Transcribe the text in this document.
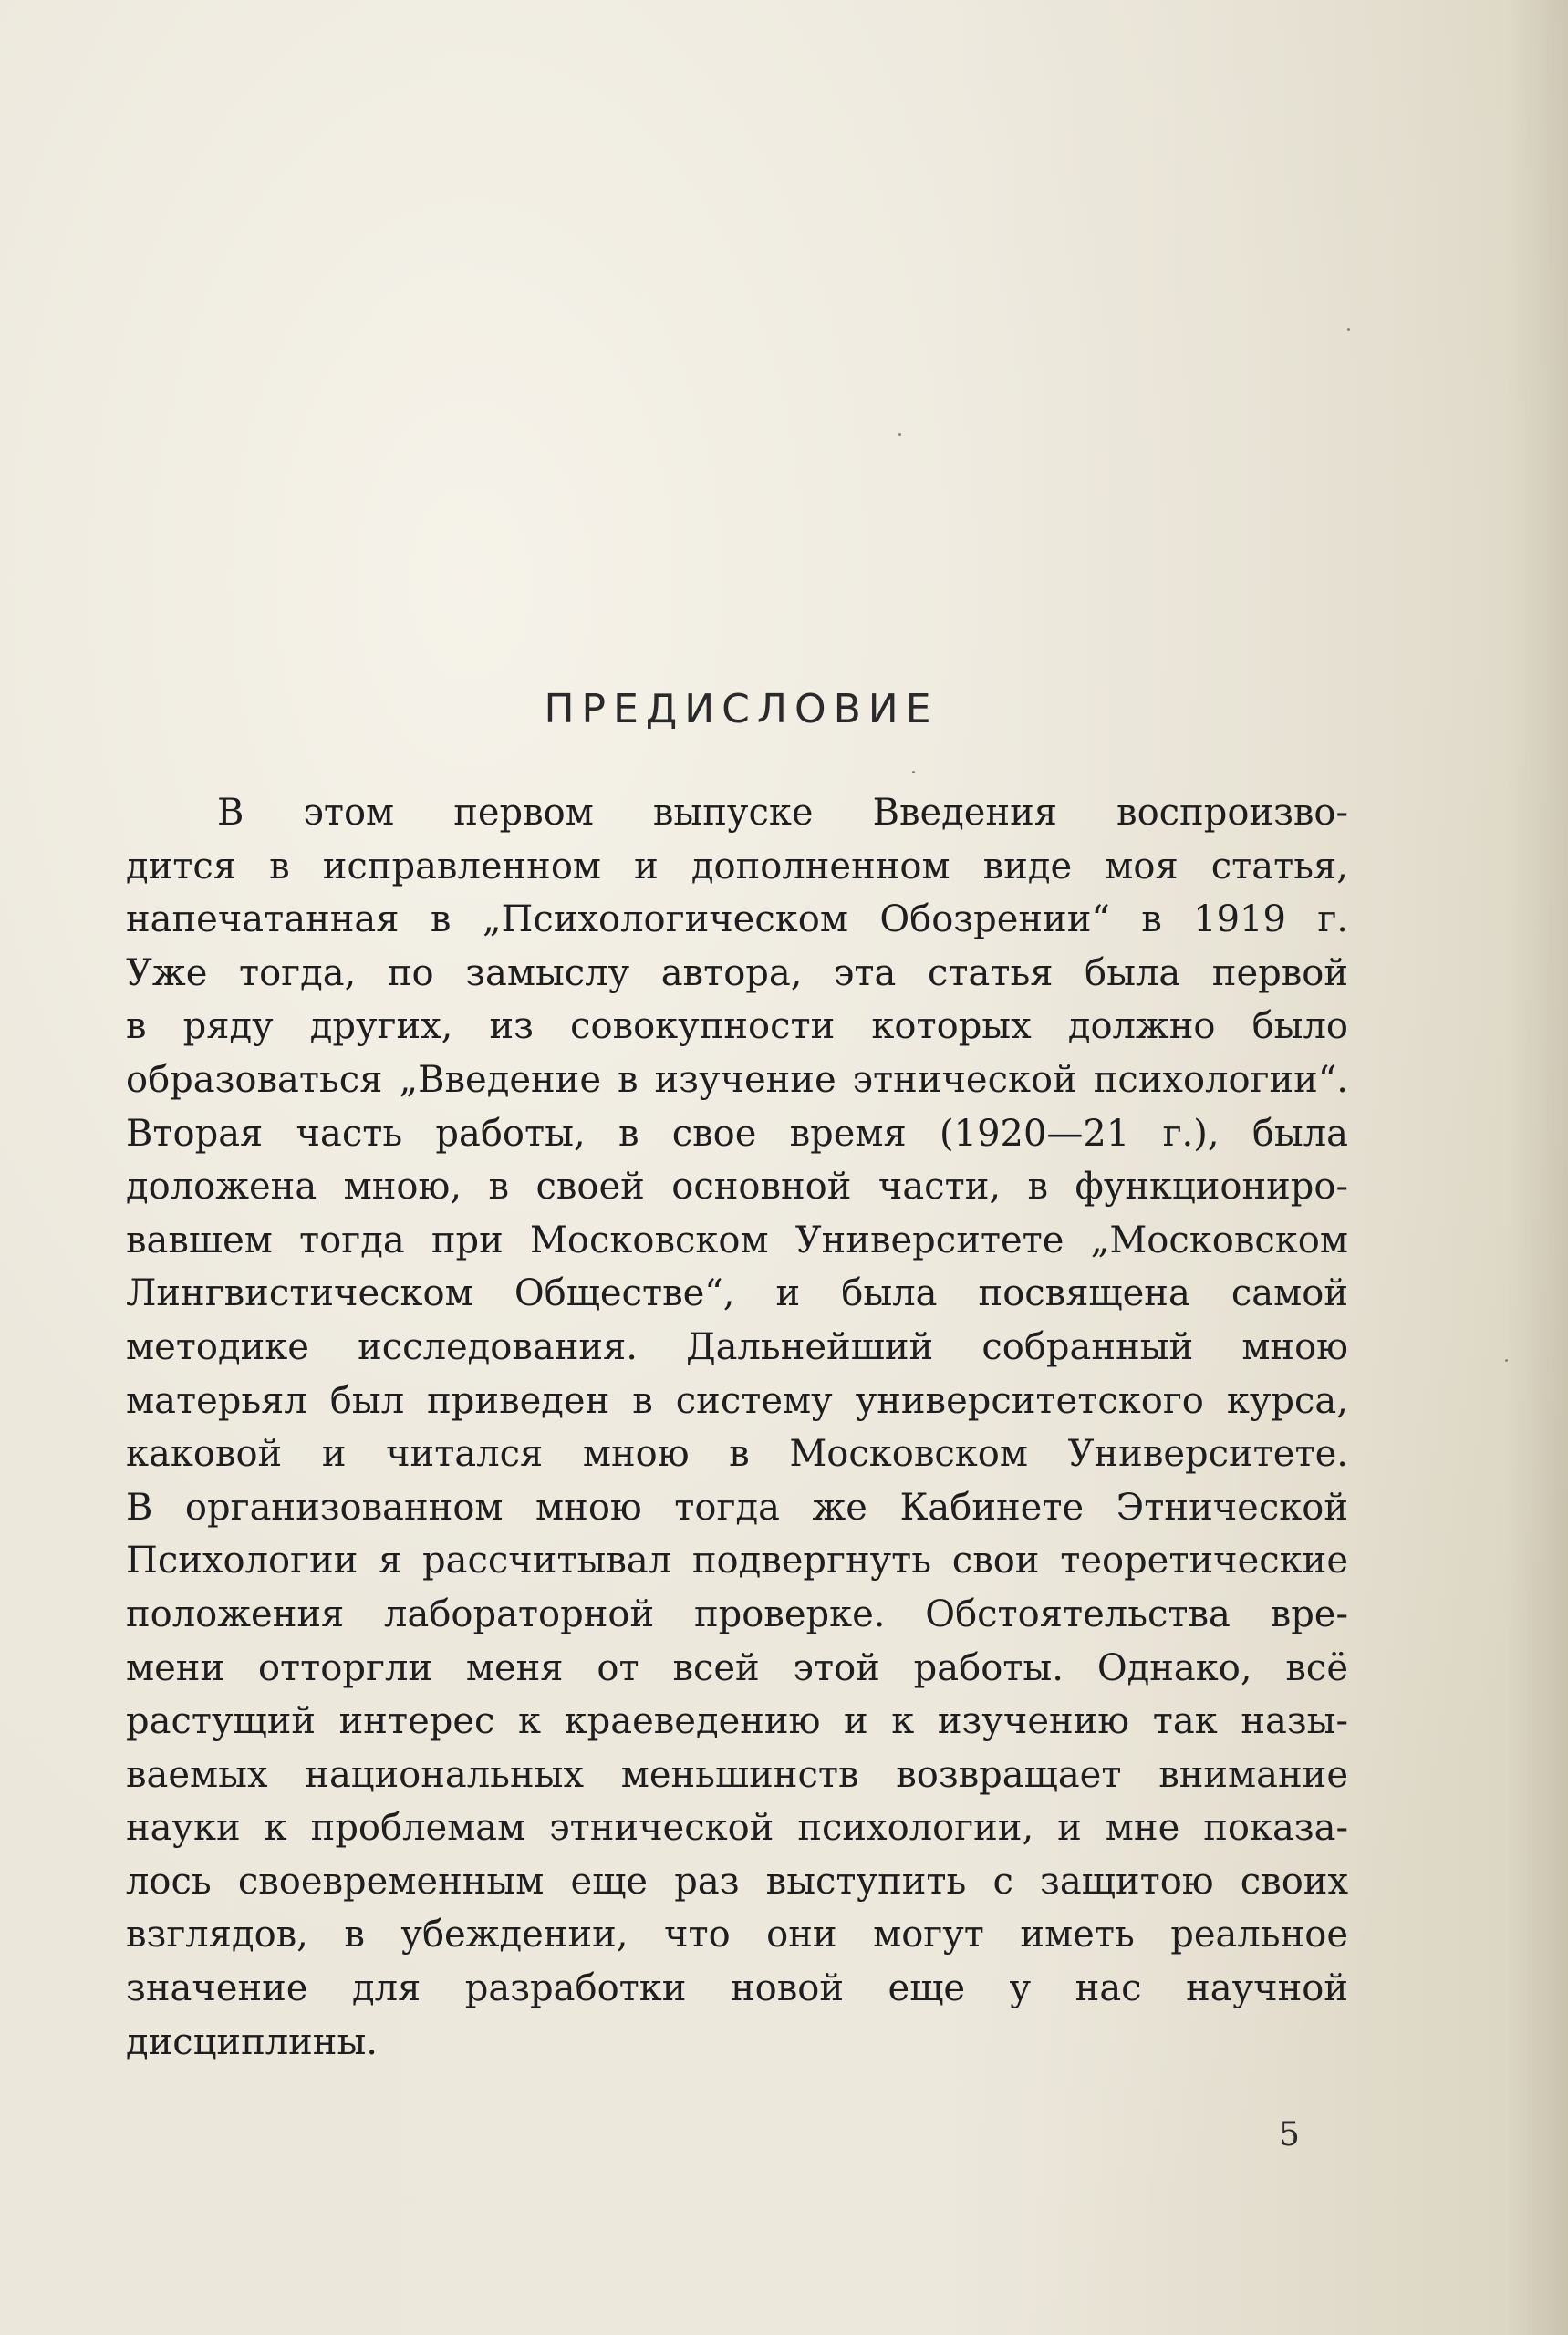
ПРЕДИСЛОВИЕ
В этом первом выпуске Введения воспроизво-
дится в исправленном и дополненном виде моя статья,
напечатанная в „Психологическом Обозрении“ в 1919 г.
Уже тогда, по замыслу автора, эта статья была первой
в ряду других, из совокупности которых должно было
образоваться „Введение в изучение этнической психологии“.
Вторая часть работы, в свое время (1920—21 г.), была
доложена мною, в своей основной части, в функциониро-
вавшем тогда при Московском Университете „Московском
Лингвистическом Обществе“, и была посвящена самой
методике исследования. Дальнейший собранный мною
матерьял был приведен в систему университетского курса,
каковой и читался мною в Московском Университете.
В организованном мною тогда же Кабинете Этнической
Психологии я рассчитывал подвергнуть свои теоретические
положения лабораторной проверке. Обстоятельства вре-
мени отторгли меня от всей этой работы. Однако, всё
растущий интерес к краеведению и к изучению так назы-
ваемых национальных меньшинств возвращает внимание
науки к проблемам этнической психологии, и мне показа-
лось своевременным еще раз выступить с защитою своих
взглядов, в убеждении, что они могут иметь реальное
значение для разработки новой еще у нас научной
дисциплины.
5
